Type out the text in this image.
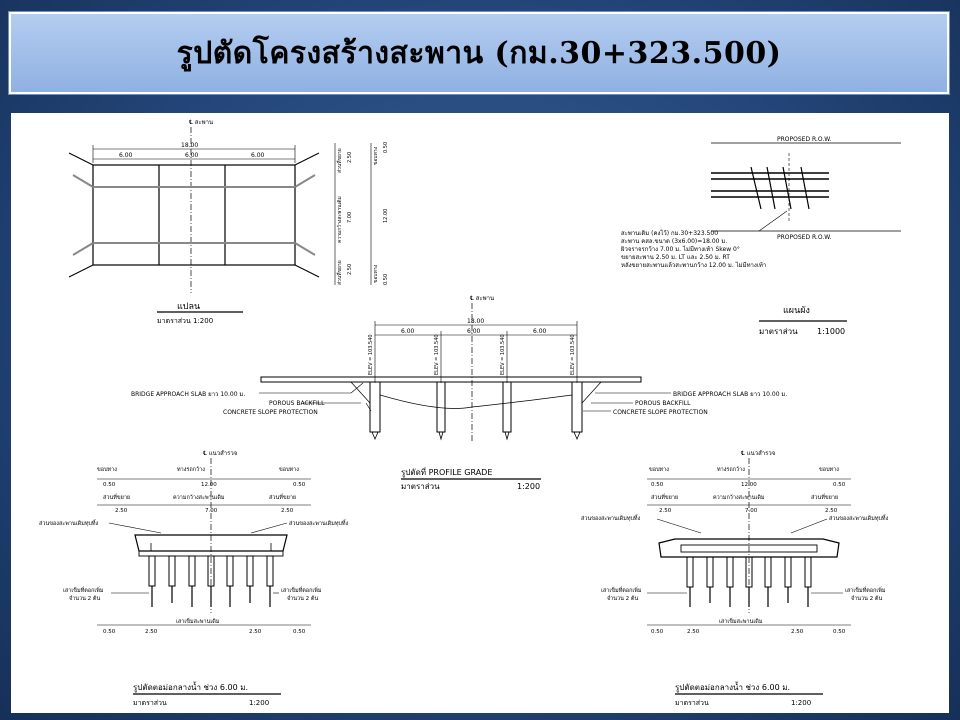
รูปตัดโครงสร้างสะพาน (กม.30+323.500)
℄ สะพาน
18.00
6.00	6.00	6.00	ส่วนที่ขยาย
ความกว้างสะพานเดิม
ส่วนที่ขยาย
ขอบทาง
ขอบทาง
2.50
7.00
2.50
0.50
12.00
0.50
แปลน
มาตราส่วน 1:200
PROPOSED R.O.W.
PROPOSED R.O.W.
สะพานเดิม (คงไว้) กม.30+323.500
สะพาน คสล.ขนาด (3x6.00)=18.00 ม.
ผิวจราจรกว้าง 7.00 ม. ไม่มีทางเท้า Skew 0°
ขยายสะพาน 2.50 ม. LT และ 2.50 ม. RT
หลังขยายสะพานแล้วสะพานกว้าง 12.00 ม. ไม่มีทางเท้า
แผนผัง
มาตราส่วน 1:1000
℄ สะพาน
18.00
6.00	6.00	6.00
ELEV = 103.540	ELEV = 103.540	ELEV = 103.540	ELEV = 103.540
BRIDGE APPROACH SLAB ยาว 10.00 ม.
POROUS BACKFILL
CONCRETE SLOPE PROTECTION
BRIDGE APPROACH SLAB ยาว 10.00 ม.
POROUS BACKFILL
CONCRETE SLOPE PROTECTION
รูปตัดที่ PROFILE GRADE
มาตราส่วน	1:200
℄ แนวสำรวจ
ขอบทาง	ทางรถกว้าง	ขอบทาง
0.50	12.00	0.50
ส่วนที่ขยาย	ความกว้างสะพานเดิม	ส่วนที่ขยาย
2.50	7.00	2.50
ส่วนของสะพานเดิมทุบทิ้ง	ส่วนของสะพานเดิมทุบทิ้ง
เสาเข็มที่ตอกเพิ่ม
จำนวน 2 ต้น
เสาเข็มที่ตอกเพิ่ม
จำนวน 2 ต้น
0.50	2.50
เสาเข็มสะพานเดิม
2.50	0.50
รูปตัดตอม่อกลางน้ำ ช่วง 6.00 ม.
มาตราส่วน	1:200
℄ แนวสำรวจ
ขอบทาง	ทางรถกว้าง	ขอบทาง
0.50	12.00	0.50
ส่วนที่ขยาย	ความกว้างสะพานเดิม	ส่วนที่ขยาย
2.50	7.00	2.50
ส่วนของสะพานเดิมทุบทิ้ง	ส่วนของสะพานเดิมทุบทิ้ง
เสาเข็มที่ตอกเพิ่ม
จำนวน 2 ต้น
เสาเข็มที่ตอกเพิ่ม
จำนวน 2 ต้น
0.50	2.50
เสาเข็มสะพานเดิม
2.50	0.50
รูปตัดตอม่อกลางน้ำ ช่วง 6.00 ม.
มาตราส่วน	1:200
